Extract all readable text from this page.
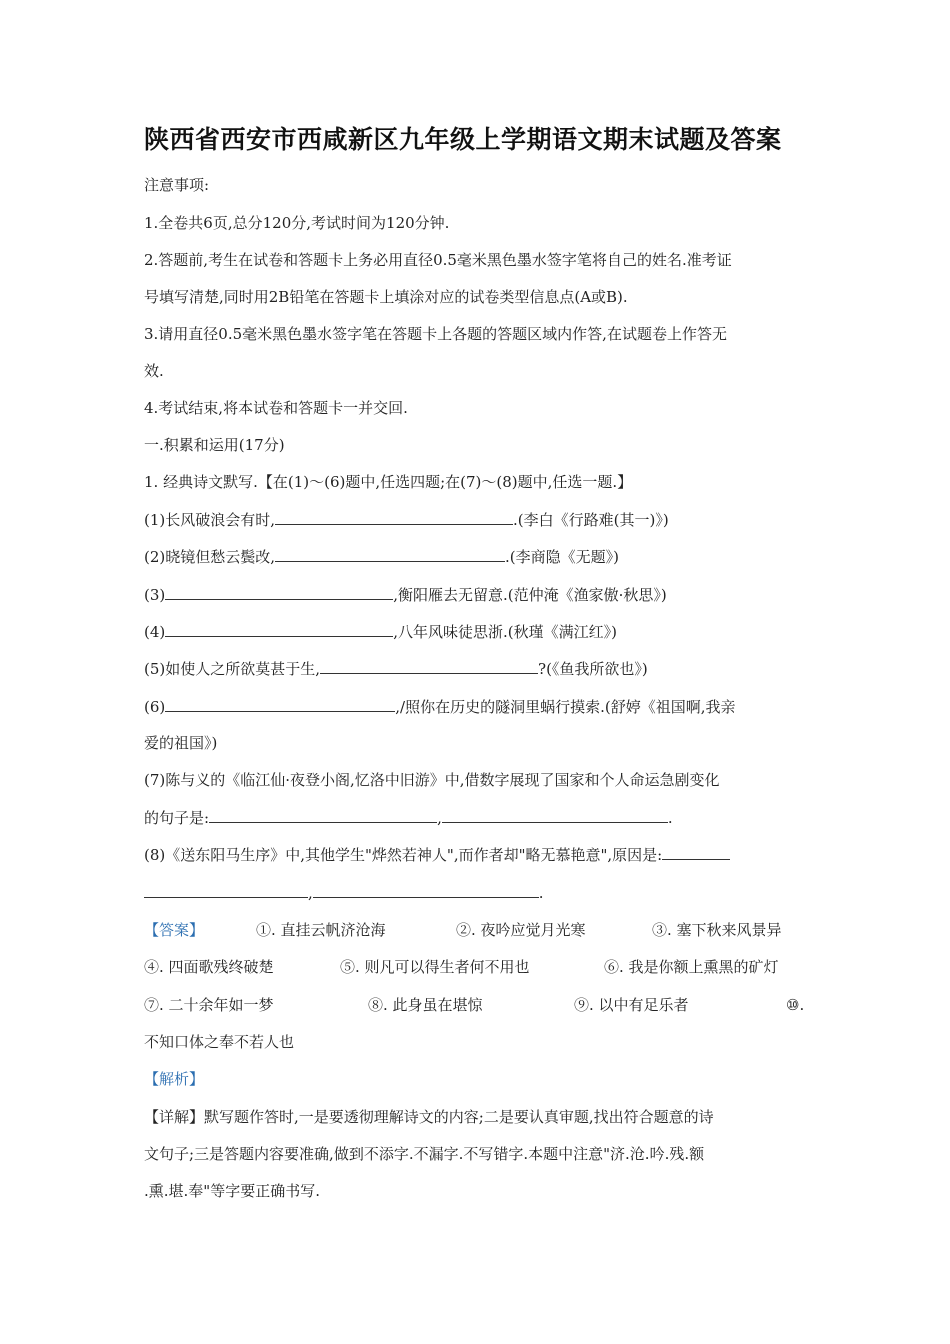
陕西省西安市西咸新区九年级上学期语文期末试题及答案
注意事项:
1.全卷共6页,总分120分,考试时间为120分钟.
2.答题前,考生在试卷和答题卡上务必用直径0.5毫米黑色墨水签字笔将自己的姓名.准考证
号填写清楚,同时用2B铅笔在答题卡上填涂对应的试卷类型信息点(A或B).
3.请用直径0.5毫米黑色墨水签字笔在答题卡上各题的答题区域内作答,在试题卷上作答无
效.
4.考试结束,将本试卷和答题卡一并交回.
一.积累和运用(17分)
1. 经典诗文默写.【在(1)～(6)题中,任选四题;在(7)～(8)题中,任选一题.】
(1)长风破浪会有时,	.(李白《行路难(其一)》)
(2)晓镜但愁云鬓改,	.(李商隐《无题》)
(3)	,衡阳雁去无留意.(范仲淹《渔家傲·秋思》)
(4)	,八年风味徒思浙.(秋瑾《满江红》)
(5)如使人之所欲莫甚于生,	?(《鱼我所欲也》)
(6)	,/照你在历史的隧洞里蜗行摸索.(舒婷《祖国啊,我亲
爱的祖国》)
(7)陈与义的《临江仙·夜登小阁,忆洛中旧游》中,借数字展现了国家和个人命运急剧变化
的句子是:	,	.
(8)《送东阳马生序》中,其他学生"烨然若神人",而作者却"略无慕艳意",原因是:
,	.
【答案】	①. 直挂云帆济沧海	②. 夜吟应觉月光寒	③. 塞下秋来风景异
④. 四面歌残终破楚	⑤. 则凡可以得生者何不用也	⑥. 我是你额上熏黑的矿灯
⑦. 二十余年如一梦	⑧. 此身虽在堪惊	⑨. 以中有足乐者	⑩.
不知口体之奉不若人也
【解析】
【详解】默写题作答时,一是要透彻理解诗文的内容;二是要认真审题,找出符合题意的诗
文句子;三是答题内容要准确,做到不添字.不漏字.不写错字.本题中注意"济.沧.吟.残.额
.熏.堪.奉"等字要正确书写.
